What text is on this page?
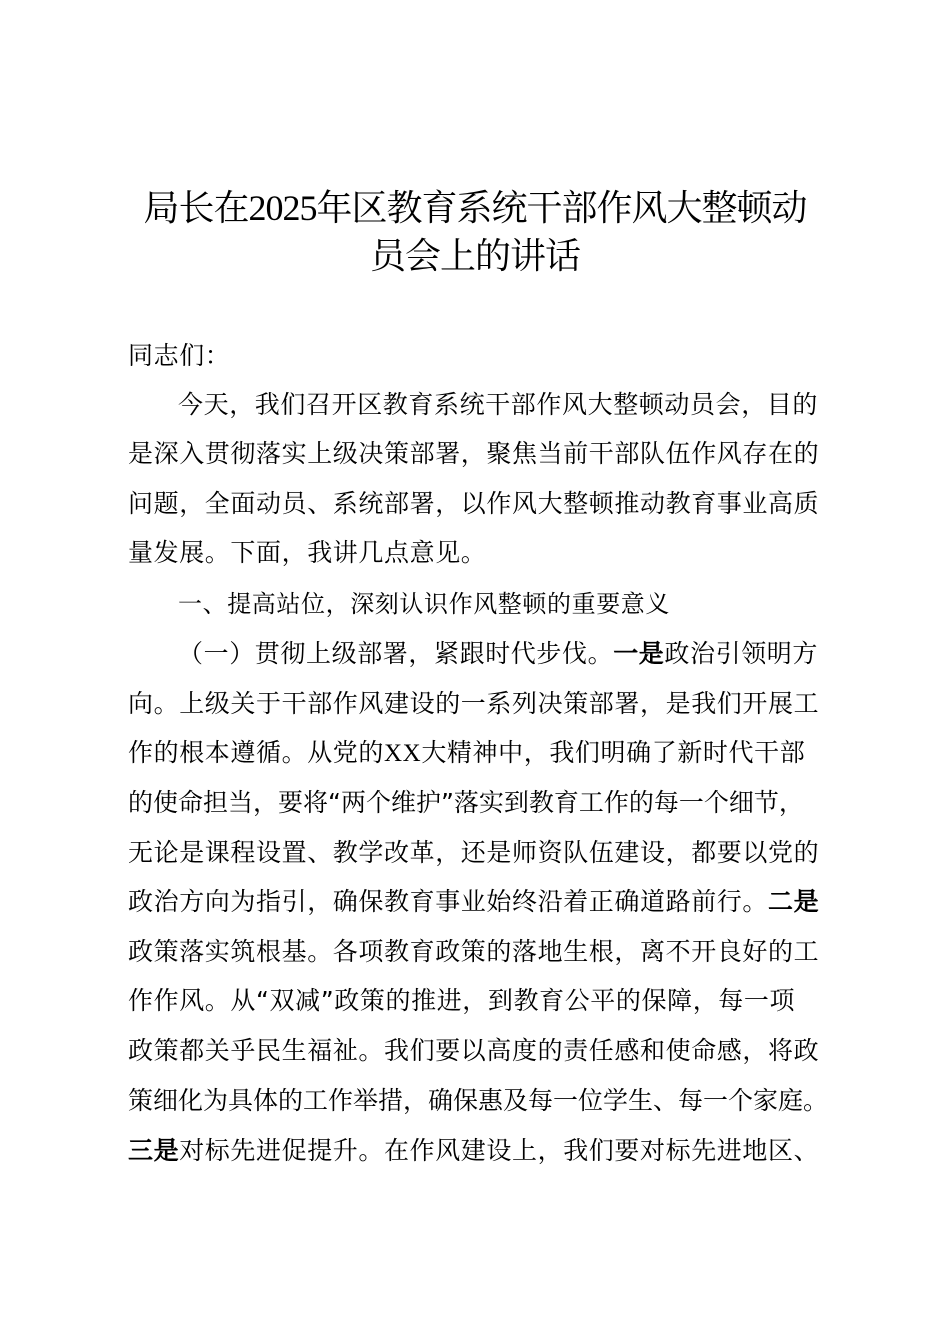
局长在2025年区教育系统干部作风大整顿动
员会上的讲话
同志们：
今天，我们召开区教育系统干部作风大整顿动员会，目的
是深入贯彻落实上级决策部署，聚焦当前干部队伍作风存在的
问题，全面动员、系统部署，以作风大整顿推动教育事业高质
量发展。下面，我讲几点意见。
一、提高站位，深刻认识作风整顿的重要意义
（一）贯彻上级部署，紧跟时代步伐。一是政治引领明方
向。上级关于干部作风建设的一系列决策部署，是我们开展工
作的根本遵循。从党的XX大精神中，我们明确了新时代干部
的使命担当，要将“两个维护”落实到教育工作的每一个细节，
无论是课程设置、教学改革，还是师资队伍建设，都要以党的
政治方向为指引，确保教育事业始终沿着正确道路前行。二是
政策落实筑根基。各项教育政策的落地生根，离不开良好的工
作作风。从“双减”政策的推进，到教育公平的保障，每一项
政策都关乎民生福祉。我们要以高度的责任感和使命感，将政
策细化为具体的工作举措，确保惠及每一位学生、每一个家庭。
三是对标先进促提升。在作风建设上，我们要对标先进地区、
